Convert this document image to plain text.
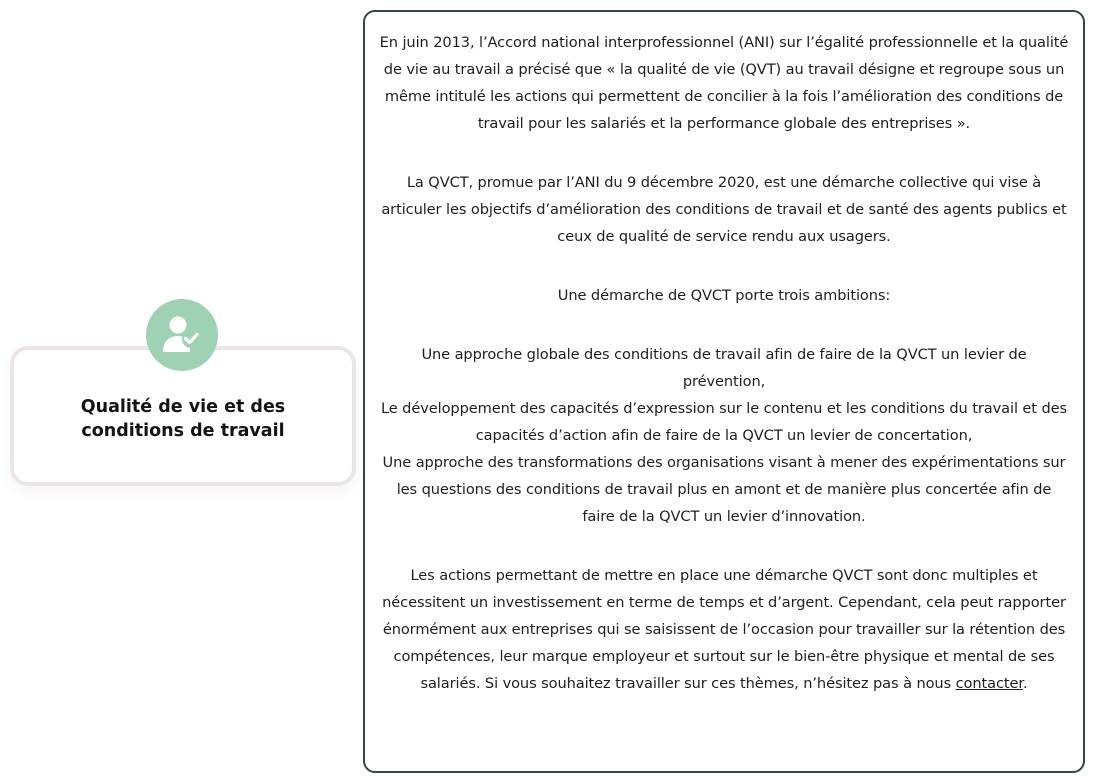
Qualité de vie et des conditions de travail

En juin 2013, l’Accord national interprofessionnel (ANI) sur l’égalité professionnelle et la qualité de vie au travail a précisé que « la qualité de vie (QVT) au travail désigne et regroupe sous un même intitulé les actions qui permettent de concilier à la fois l’amélioration des conditions de travail pour les salariés et la performance globale des entreprises ».

La QVCT, promue par l’ANI du 9 décembre 2020, est une démarche collective qui vise à articuler les objectifs d’amélioration des conditions de travail et de santé des agents publics et ceux de qualité de service rendu aux usagers.

Une démarche de QVCT porte trois ambitions:

Une approche globale des conditions de travail afin de faire de la QVCT un levier de prévention,

Le développement des capacités d’expression sur le contenu et les conditions du travail et des capacités d’action afin de faire de la QVCT un levier de concertation,

Une approche des transformations des organisations visant à mener des expérimentations sur les questions des conditions de travail plus en amont et de manière plus concertée afin de faire de la QVCT un levier d’innovation.

Les actions permettant de mettre en place une démarche QVCT sont donc multiples et nécessitent un investissement en terme de temps et d’argent. Cependant, cela peut rapporter énormément aux entreprises qui se saisissent de l’occasion pour travailler sur la rétention des compétences, leur marque employeur et surtout sur le bien-être physique et mental de ses salariés. Si vous souhaitez travailler sur ces thèmes, n’hésitez pas à nous contacter.
